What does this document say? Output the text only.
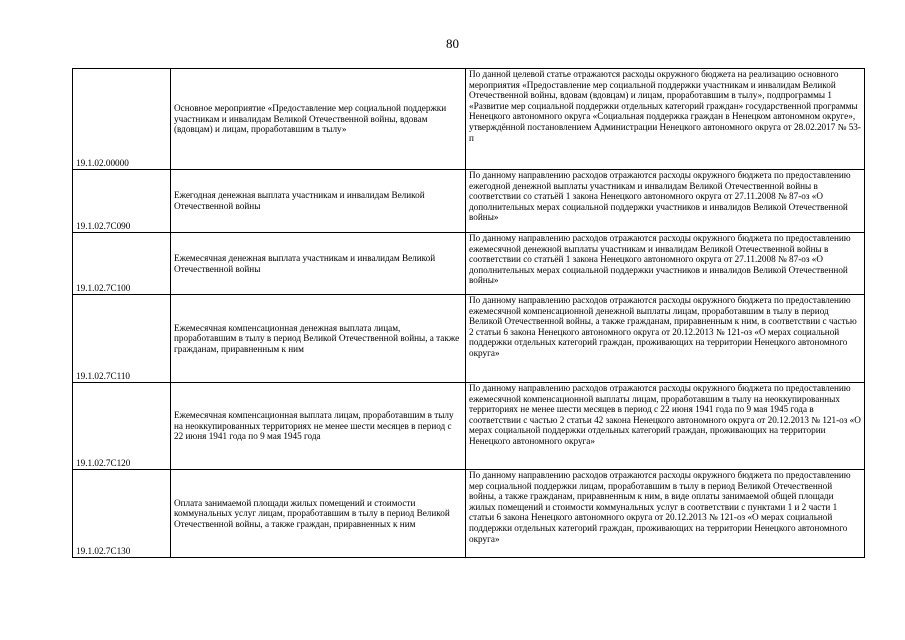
80
19.1.02.00000	Основное мероприятие «Предоставление мер социальной поддержки участникам и инвалидам Великой Отечественной войны, вдовам (вдовцам) и лицам, проработавшим в тылу»	По данной целевой статье отражаются расходы окружного бюджета на реализацию основного мероприятия «Предоставление мер социальной поддержки участникам и инвалидам Великой Отечественной войны, вдовам (вдовцам) и лицам, проработавшим в тылу», подпрограммы 1 «Развитие мер социальной поддержки отдельных категорий граждан» государственной программы Ненецкого автономного округа «Социальная поддержка граждан в Ненецком автономном округе», утверждённой постановлением Администрации Ненецкого автономного округа от 28.02.2017 № 53-п
19.1.02.7С090	Ежегодная денежная выплата участникам и инвалидам Великой Отечественной войны	По данному направлению расходов отражаются расходы окружного бюджета по предоставлению ежегодной денежной выплаты участникам и инвалидам Великой Отечественной войны в соответствии со статьёй 1 закона Ненецкого автономного округа от 27.11.2008 № 87-оз «О дополнительных мерах социальной поддержки участников и инвалидов Великой Отечественной войны»
19.1.02.7С100	Ежемесячная денежная выплата участникам и инвалидам Великой Отечественной войны	По данному направлению расходов отражаются расходы окружного бюджета по предоставлению ежемесячной денежной выплаты участникам и инвалидам Великой Отечественной войны в соответствии со статьёй 1 закона Ненецкого автономного округа от 27.11.2008 № 87-оз «О дополнительных мерах социальной поддержки участников и инвалидов Великой Отечественной войны»
19.1.02.7С110	Ежемесячная компенсационная денежная выплата лицам, проработавшим в тылу в период Великой Отечественной войны, а также гражданам, приравненным к ним	По данному направлению расходов отражаются расходы окружного бюджета по предоставлению ежемесячной компенсационной денежной выплаты лицам, проработавшим в тылу в период Великой Отечественной войны, а также гражданам, приравненным к ним, в соответствии с частью 2 статьи 6 закона Ненецкого автономного округа от 20.12.2013 № 121-оз «О мерах социальной поддержки отдельных категорий граждан, проживающих на территории Ненецкого автономного округа»
19.1.02.7С120	Ежемесячная компенсационная выплата лицам, проработавшим в тылу на неоккупированных территориях не менее шести месяцев в период с 22 июня 1941 года по 9 мая 1945 года	По данному направлению расходов отражаются расходы окружного бюджета по предоставлению ежемесячной компенсационной выплаты лицам, проработавшим в тылу на неоккупированных территориях не менее шести месяцев в период с 22 июня 1941 года по 9 мая 1945 года в соответствии с частью 2 статьи 42 закона Ненецкого автономного округа от 20.12.2013 № 121-оз «О мерах социальной поддержки отдельных категорий граждан, проживающих на территории Ненецкого автономного округа»
19.1.02.7С130	Оплата занимаемой площади жилых помещений и стоимости коммунальных услуг лицам, проработавшим в тылу в период Великой Отечественной войны, а также граждан, приравненных к ним	По данному направлению расходов отражаются расходы окружного бюджета по предоставлению мер социальной поддержки лицам, проработавшим в тылу в период Великой Отечественной войны, а также гражданам, приравненным к ним, в виде оплаты занимаемой общей площади жилых помещений и стоимости коммунальных услуг в соответствии с пунктами 1 и 2 части 1 статьи 6 закона Ненецкого автономного округа от 20.12.2013 № 121-оз «О мерах социальной поддержки отдельных категорий граждан, проживающих на территории Ненецкого автономного округа»
